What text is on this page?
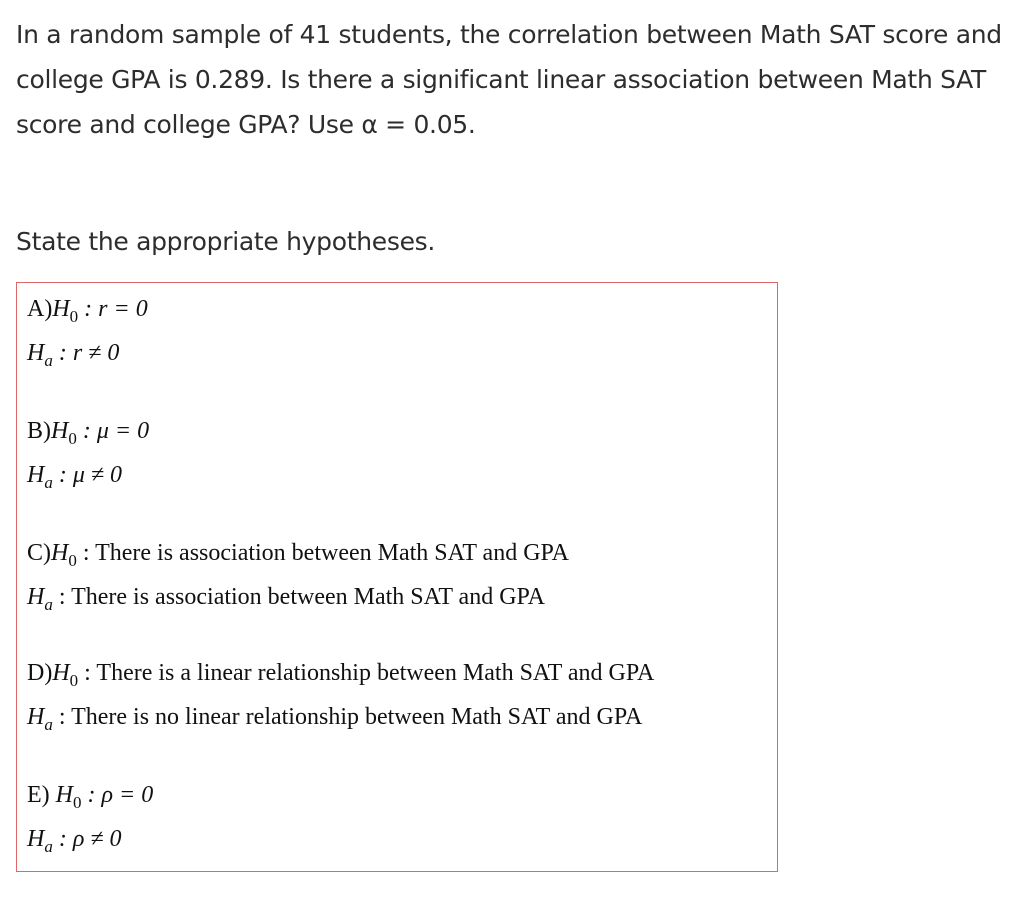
In a random sample of 41 students, the correlation between Math SAT score and college GPA is 0.289. Is there a significant linear association between Math SAT score and college GPA? Use α = 0.05.
State the appropriate hypotheses.
$A)H_0$ : r = 0
$H_a$ : r ≠ 0
$B)H_0$ : μ = 0
$H_a$ : μ ≠ 0
$C)H_0$ : There is association between Math SAT and GPA
$H_a$ : There is association between Math SAT and GPA
$D)H_0$ : There is a linear relationship between Math SAT and GPA
$H_a$ : There is no linear relationship between Math SAT and GPA
E) $H_0$ : ρ = 0
$H_a$ : ρ ≠ 0
